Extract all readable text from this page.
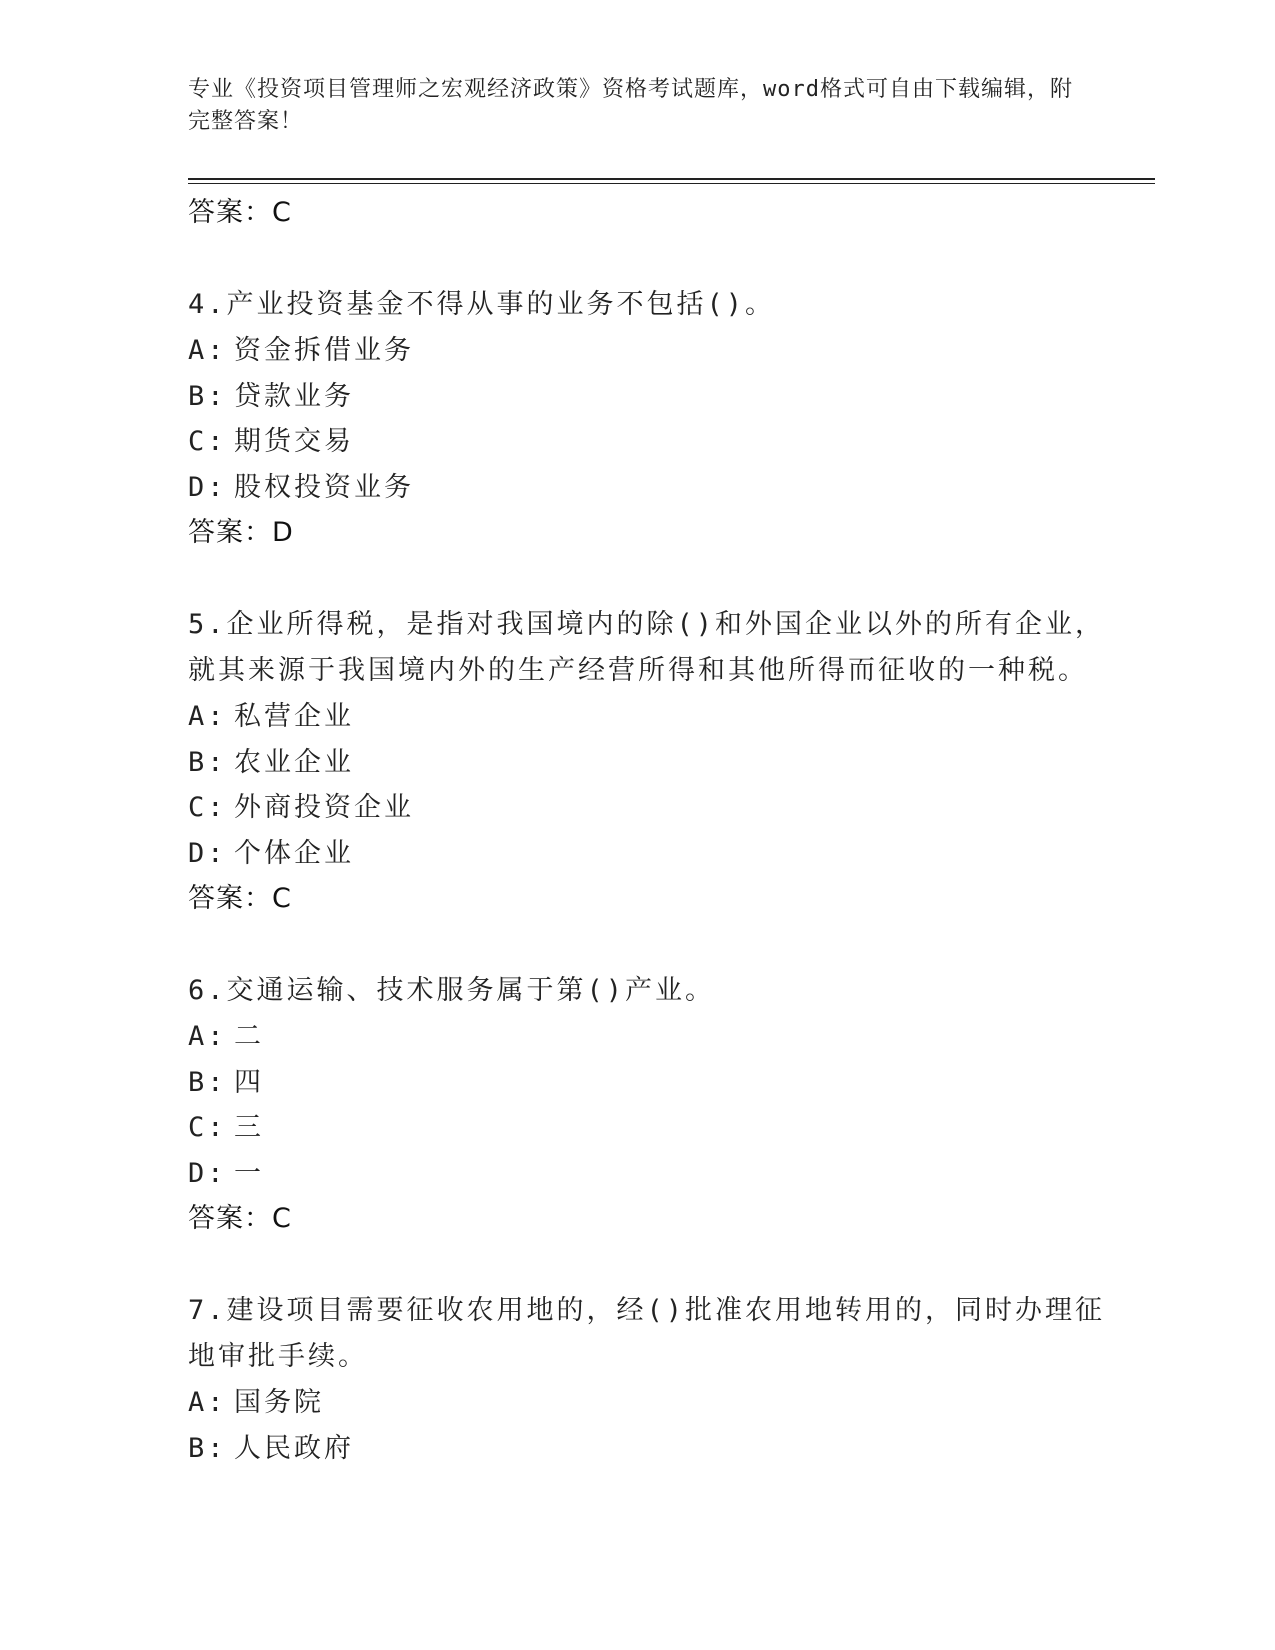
专业《投资项目管理师之宏观经济政策》资格考试题库，word格式可自由下载编辑，附完整答案！
答案：C
4.产业投资基金不得从事的业务不包括()。
A: 资金拆借业务
B: 贷款业务
C: 期货交易
D: 股权投资业务
答案：D
5.企业所得税，是指对我国境内的除()和外国企业以外的所有企业，就其来源于我国境内外的生产经营所得和其他所得而征收的一种税。
A: 私营企业
B: 农业企业
C: 外商投资企业
D: 个体企业
答案：C
6.交通运输、技术服务属于第()产业。
A: 二
B: 四
C: 三
D: 一
答案：C
7.建设项目需要征收农用地的，经()批准农用地转用的，同时办理征地审批手续。
A: 国务院
B: 人民政府
